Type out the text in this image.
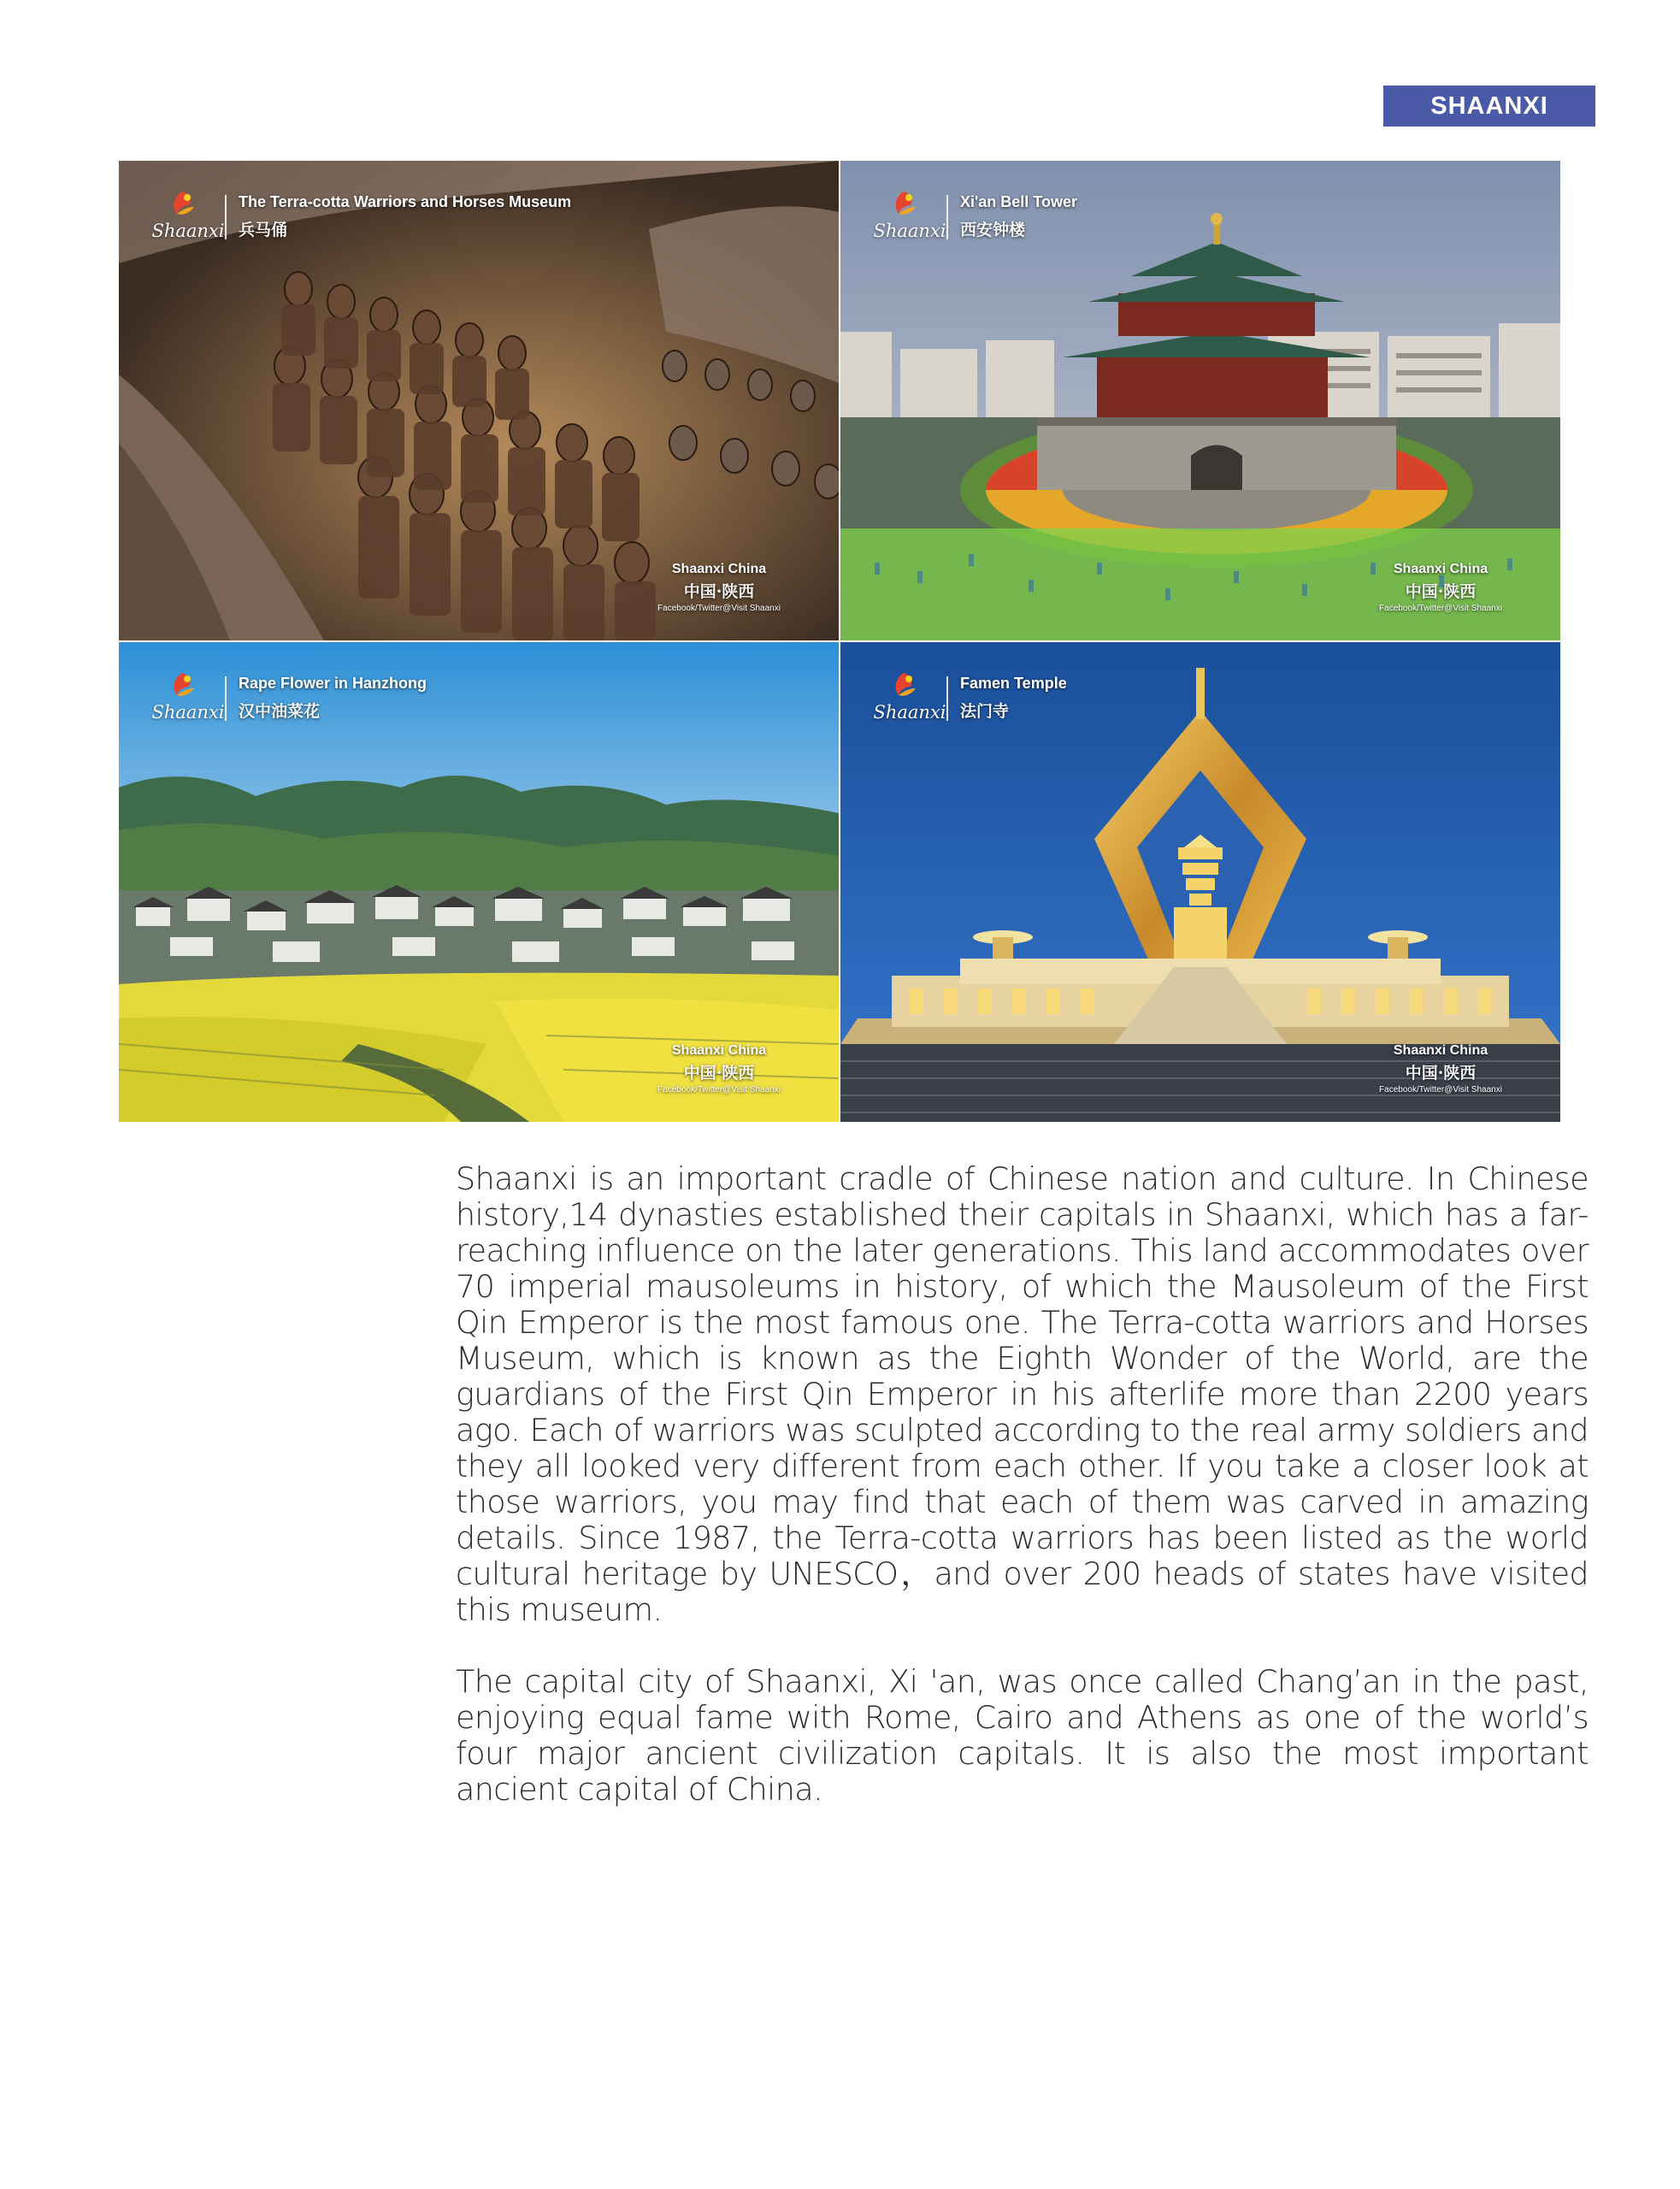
SHAANXI
Shaanxi
The Terra-cotta Warriors and Horses Museum
兵马俑
Shaanxi China
中国·陕西
Facebook/Twitter@Visit Shaanxi
Shaanxi
Xi'an Bell Tower
西安钟楼
Shaanxi China
中国·陕西
Facebook/Twitter@Visit Shaanxi
Shaanxi
Rape Flower in Hanzhong
汉中油菜花
Shaanxi China
中国·陕西
Facebook/Twitter@Visit Shaanxi
Shaanxi
Famen Temple
法门寺
Shaanxi China
中国·陕西
Facebook/Twitter@Visit Shaanxi

Shaanxi is an important cradle of Chinese nation and culture. In Chinese history,14 dynasties established their capitals in Shaanxi, which has a far-reaching influence on the later generations. This land accommodates over 70 imperial mausoleums in history, of which the Mausoleum of the First Qin Emperor is the most famous one. The Terra-cotta warriors and Horses Museum, which is known as the Eighth Wonder of the World, are the guardians of the First Qin Emperor in his afterlife more than 2200 years ago. Each of warriors was sculpted according to the real army soldiers and they all looked very different from each other. If you take a closer look at those warriors, you may find that each of them was carved in amazing details. Since 1987, the Terra-cotta warriors has been listed as the world cultural heritage by UNESCO，and over 200 heads of states have visited this museum.

The capital city of Shaanxi, Xi 'an, was once called Chang’an in the past, enjoying equal fame with Rome, Cairo and Athens as one of the world’s four major ancient civilization capitals. It is also the most important ancient capital of China.
